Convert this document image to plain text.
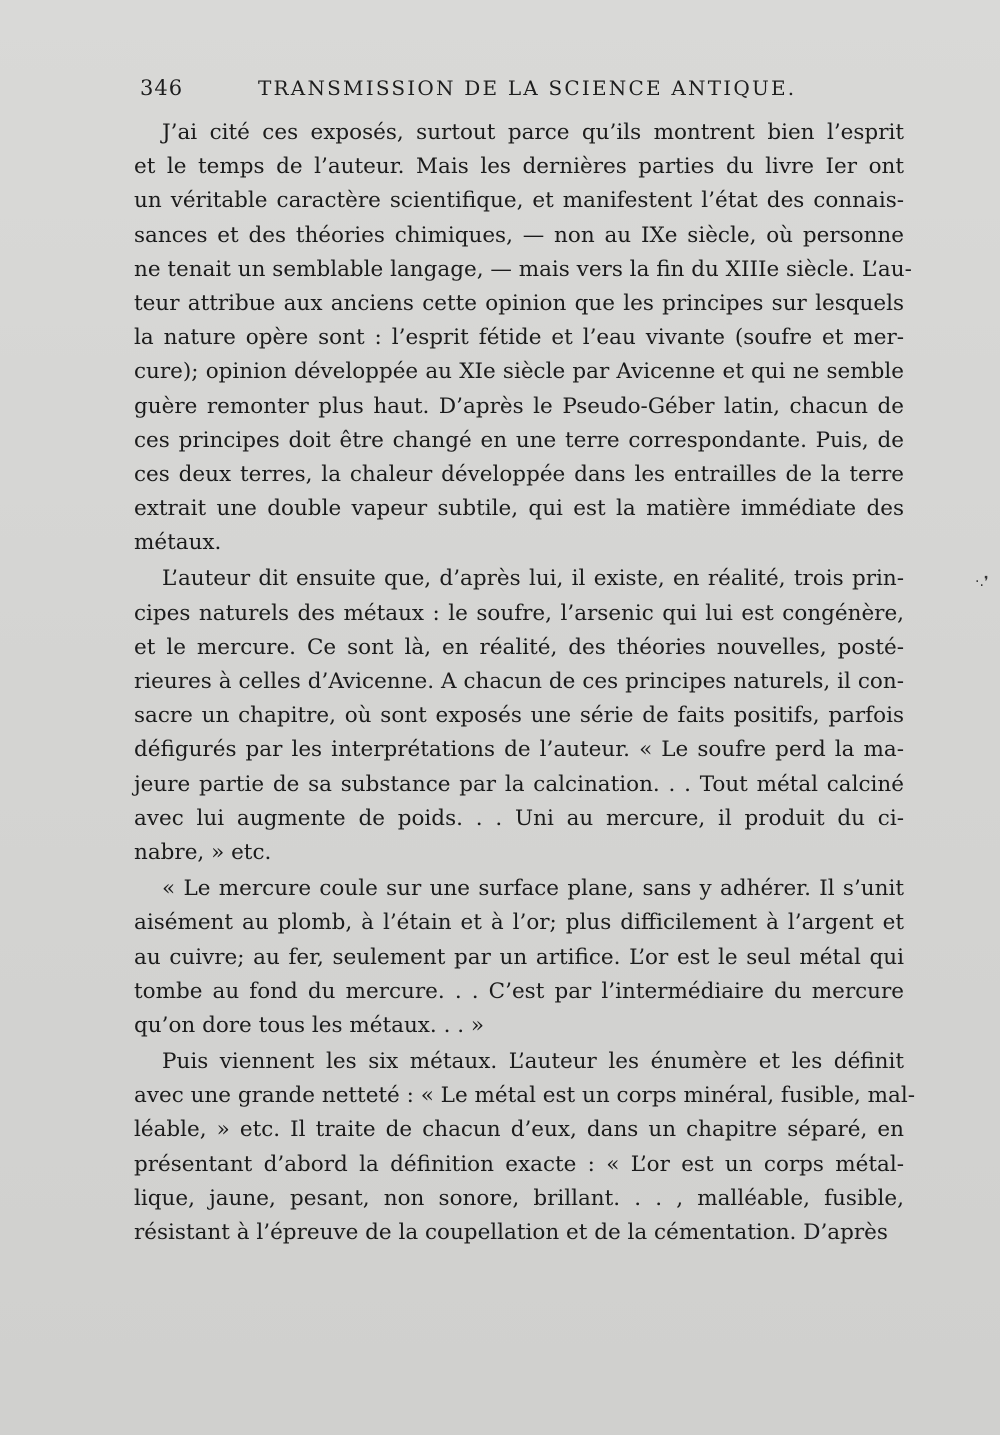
346	TRANSMISSION DE LA SCIENCE ANTIQUE.
J’ai cité ces exposés, surtout parce qu’ils montrent bien l’esprit
et le temps de l’auteur. Mais les dernières parties du livre Ier ont
un véritable caractère scientifique, et manifestent l’état des connais-
sances et des théories chimiques, — non au IXe siècle, où personne
ne tenait un semblable langage, — mais vers la fin du XIIIe siècle. L’au-
teur attribue aux anciens cette opinion que les principes sur lesquels
la nature opère sont : l’esprit fétide et l’eau vivante (soufre et mer-
cure); opinion développée au XIe siècle par Avicenne et qui ne semble
guère remonter plus haut. D’après le Pseudo-Géber latin, chacun de
ces principes doit être changé en une terre correspondante. Puis, de
ces deux terres, la chaleur développée dans les entrailles de la terre
extrait une double vapeur subtile, qui est la matière immédiate des
métaux.
L’auteur dit ensuite que, d’après lui, il existe, en réalité, trois prin-
cipes naturels des métaux : le soufre, l’arsenic qui lui est congénère,
et le mercure. Ce sont là, en réalité, des théories nouvelles, posté-
rieures à celles d’Avicenne. A chacun de ces principes naturels, il con-
sacre un chapitre, où sont exposés une série de faits positifs, parfois
défigurés par les interprétations de l’auteur. « Le soufre perd la ma-
jeure partie de sa substance par la calcination. . . Tout métal calciné
avec lui augmente de poids. . . Uni au mercure, il produit du ci-
nabre, » etc.
« Le mercure coule sur une surface plane, sans y adhérer. Il s’unit
aisément au plomb, à l’étain et à l’or; plus difficilement à l’argent et
au cuivre; au fer, seulement par un artifice. L’or est le seul métal qui
tombe au fond du mercure. . . C’est par l’intermédiaire du mercure
qu’on dore tous les métaux. . . »
Puis viennent les six métaux. L’auteur les énumère et les définit
avec une grande netteté : « Le métal est un corps minéral, fusible, mal-
léable, » etc. Il traite de chacun d’eux, dans un chapitre séparé, en
présentant d’abord la définition exacte : « L’or est un corps métal-
lique, jaune, pesant, non sonore, brillant. . . , malléable, fusible,
résistant à l’épreuve de la coupellation et de la cémentation. D’après
·.❜
